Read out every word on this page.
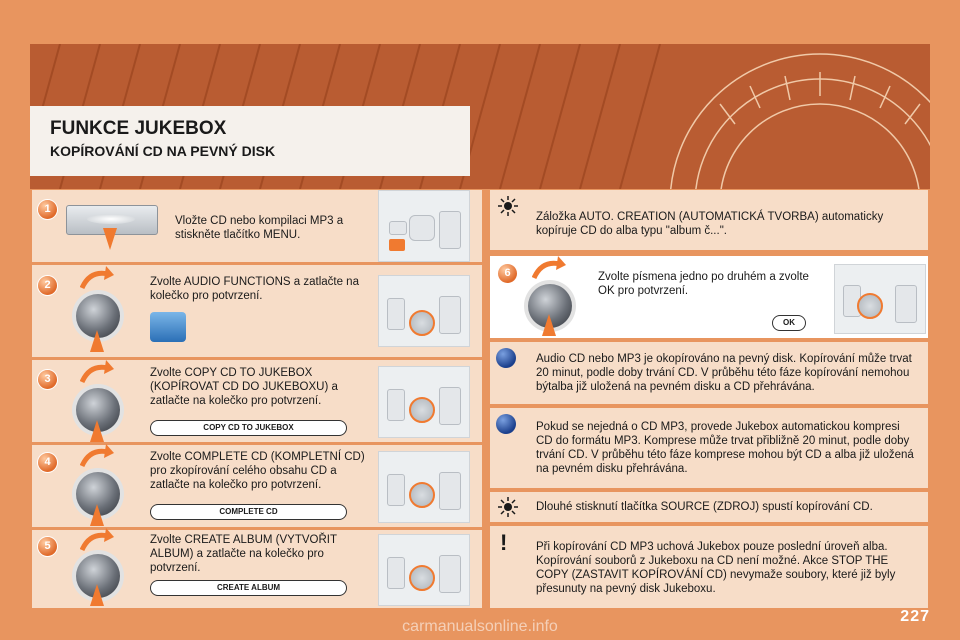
FUNKCE JUKEBOX
KOPÍROVÁNÍ CD NA PEVNÝ DISK
1
Vložte CD nebo kompilaci MP3 a stiskněte tlačítko MENU.
2	Zvolte AUDIO FUNCTIONS a zatlačte na kolečko pro potvrzení.
3	Zvolte COPY CD TO JUKEBOX (KOPÍROVAT CD DO JUKEBOXU) a zatlačte na kolečko pro potvrzení.
COPY CD TO JUKEBOX
4	Zvolte COMPLETE CD (KOMPLETNÍ CD) pro zkopírování celého obsahu CD a zatlačte na kolečko pro potvrzení.
COMPLETE CD
5	Zvolte CREATE ALBUM (VYTVOŘIT ALBUM) a zatlačte na kolečko pro potvrzení.
CREATE ALBUM
Záložka AUTO. CREATION (AUTOMATICKÁ TVORBA) automaticky kopíruje CD do alba typu "album č...".
6	Zvolte písmena jedno po druhém a zvolte OK pro potvrzení.
OK
Audio CD nebo MP3 je okopírováno na pevný disk. Kopírování může trvat 20 minut, podle doby trvání CD. V průběhu této fáze kopírování nemohou býtalba již uložená na pevném disku a CD přehrávána.
Pokud se nejedná o CD MP3, provede Jukebox automatickou kompresi CD do formátu MP3. Komprese může trvat přibližně 20 minut, podle doby trvání CD. V průběhu této fáze komprese mohou být CD a alba již uložená na pevném disku přehrávána.
Dlouhé stisknutí tlačítka SOURCE (ZDROJ) spustí kopírování CD.
!	Při kopírování CD MP3 uchová Jukebox pouze poslední úroveň alba. Kopírování souborů z Jukeboxu na CD není možné. Akce STOP THE COPY (ZASTAVIT KOPÍROVÁNÍ CD) nevymaže soubory, které již byly přesunuty na pevný disk Jukeboxu.
227
carmanualsonline.info
